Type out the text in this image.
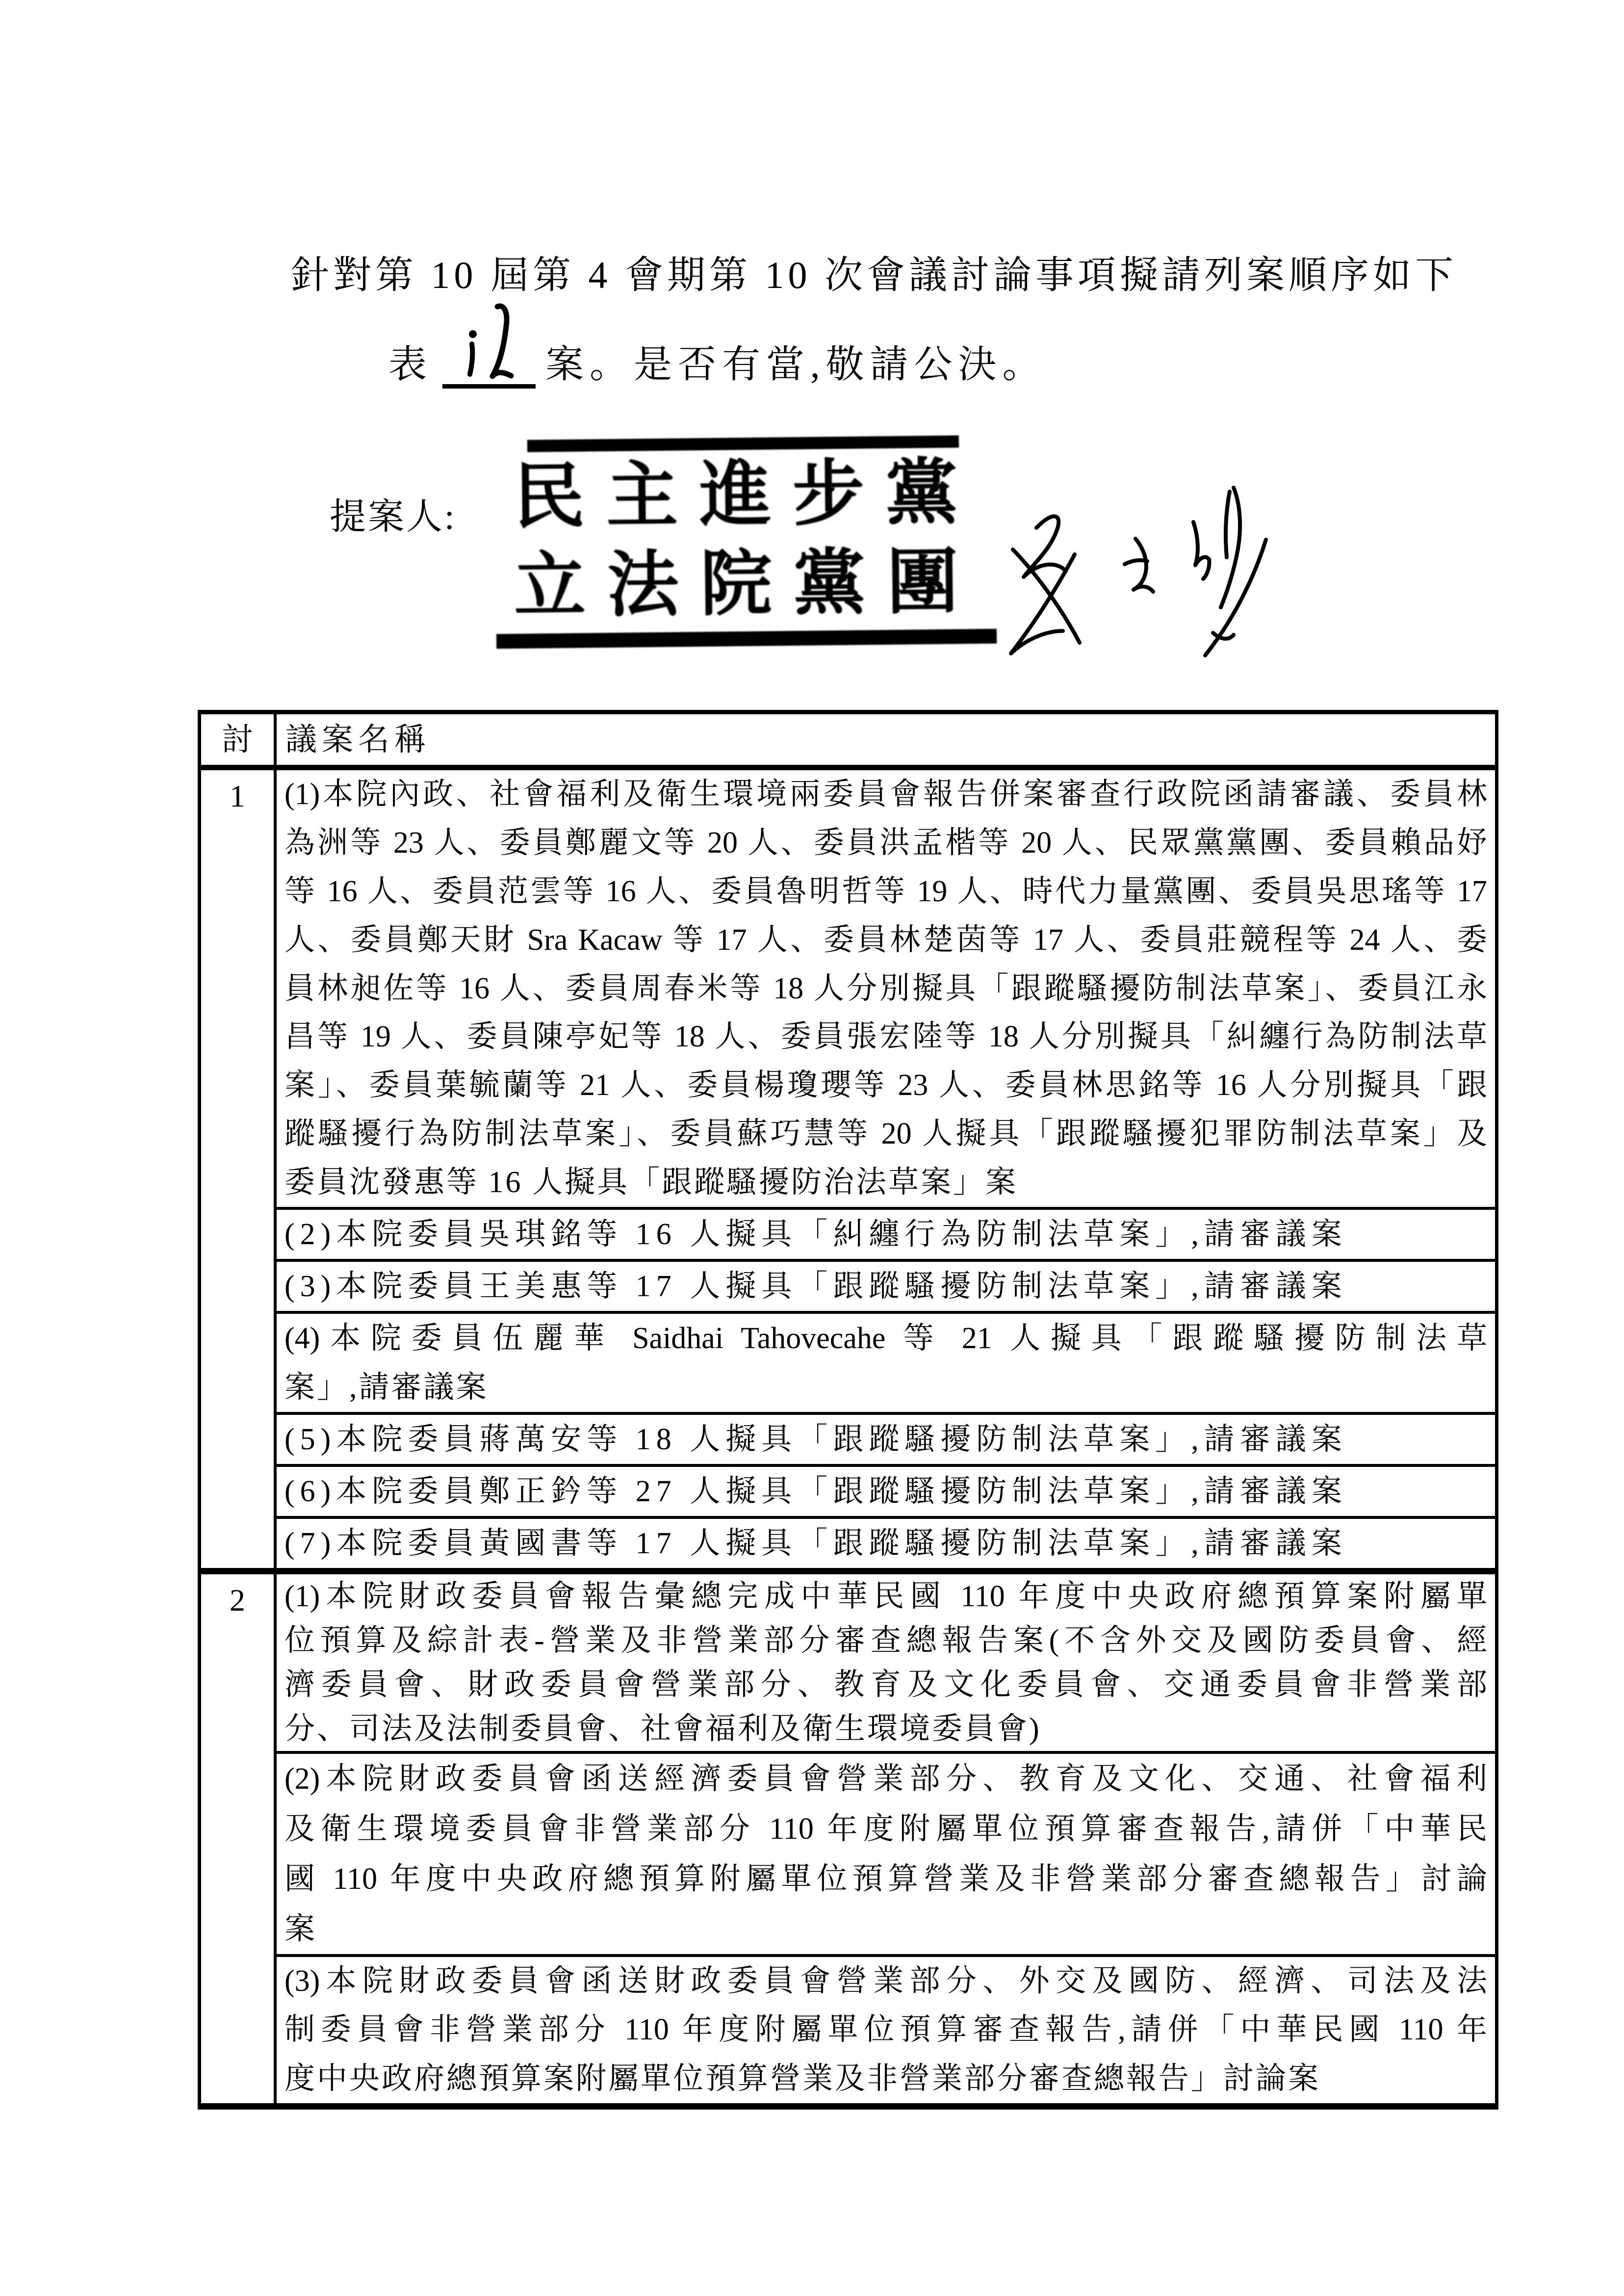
針對第 10 屆第 4 會期第 10 次會議討論事項擬請列案順序如下
表	案。是否有當,敬請公決。
提案人: 民主進步黨
立法院黨團
討	議案名稱
1	(1)本院內政、社會福利及衛生環境兩委員會報告併案審查行政院函請審議、委員林
為洲等 23 人、委員鄭麗文等 20 人、委員洪孟楷等 20 人、民眾黨黨團、委員賴品妤
等 16 人、委員范雲等 16 人、委員魯明哲等 19 人、時代力量黨團、委員吳思瑤等 17
人、委員鄭天財 Sra Kacaw 等 17 人、委員林楚茵等 17 人、委員莊競程等 24 人、委
員林昶佐等 16 人、委員周春米等 18 人分別擬具「跟蹤騷擾防制法草案」、委員江永
昌等 19 人、委員陳亭妃等 18 人、委員張宏陸等 18 人分別擬具「糾纏行為防制法草
案」、委員葉毓蘭等 21 人、委員楊瓊瓔等 23 人、委員林思銘等 16 人分別擬具「跟
蹤騷擾行為防制法草案」、委員蘇巧慧等 20 人擬具「跟蹤騷擾犯罪防制法草案」及
委員沈發惠等 16 人擬具「跟蹤騷擾防治法草案」案
(2)本院委員吳琪銘等 16 人擬具「糾纏行為防制法草案」,請審議案
(3)本院委員王美惠等 17 人擬具「跟蹤騷擾防制法草案」,請審議案
(4)本院委員伍麗華 Saidhai Tahovecahe 等 21 人擬具「跟蹤騷擾防制法草
案」,請審議案
(5)本院委員蔣萬安等 18 人擬具「跟蹤騷擾防制法草案」,請審議案
(6)本院委員鄭正鈐等 27 人擬具「跟蹤騷擾防制法草案」,請審議案
(7)本院委員黃國書等 17 人擬具「跟蹤騷擾防制法草案」,請審議案
2	(1)本院財政委員會報告彙總完成中華民國 110 年度中央政府總預算案附屬單
位預算及綜計表-營業及非營業部分審查總報告案(不含外交及國防委員會、經
濟委員會、財政委員會營業部分、教育及文化委員會、交通委員會非營業部
分、司法及法制委員會、社會福利及衛生環境委員會)
(2)本院財政委員會函送經濟委員會營業部分、教育及文化、交通、社會福利
及衛生環境委員會非營業部分 110 年度附屬單位預算審查報告,請併「中華民
國 110 年度中央政府總預算附屬單位預算營業及非營業部分審查總報告」討論
案
(3)本院財政委員會函送財政委員會營業部分、外交及國防、經濟、司法及法
制委員會非營業部分 110 年度附屬單位預算審查報告,請併「中華民國 110 年
度中央政府總預算案附屬單位預算營業及非營業部分審查總報告」討論案
